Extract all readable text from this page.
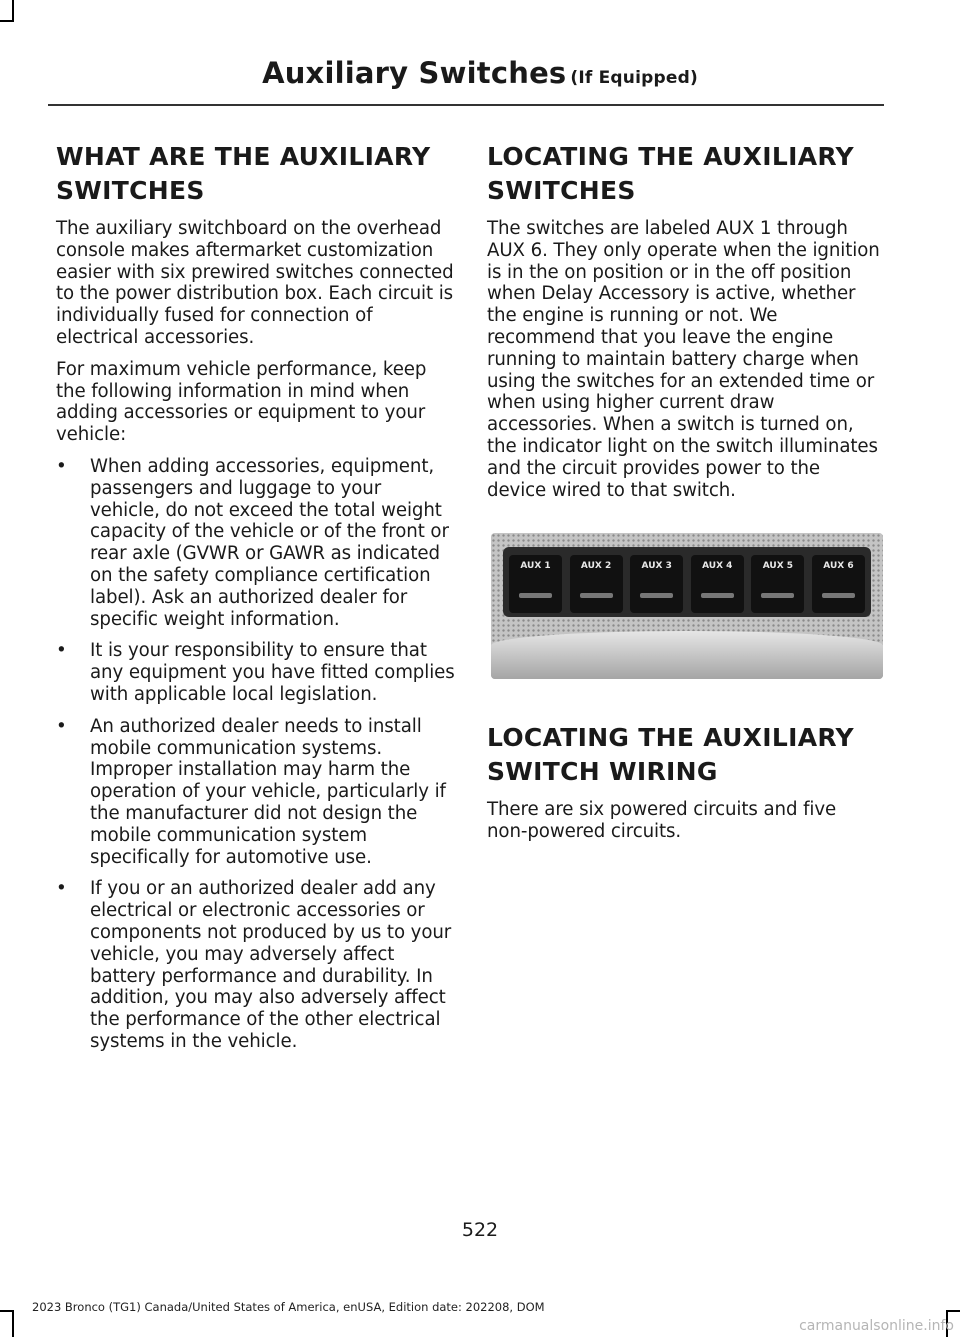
Auxiliary Switches (If Equipped)
WHAT ARE THE AUXILIARY
SWITCHES

The auxiliary switchboard on the overhead console makes aftermarket customization easier with six prewired switches connected to the power distribution box. Each circuit is individually fused for connection of electrical accessories.

For maximum vehicle performance, keep the following information in mind when adding accessories or equipment to your vehicle:

• When adding accessories, equipment, passengers and luggage to your vehicle, do not exceed the total weight capacity of the vehicle or of the front or rear axle (GVWR or GAWR as indicated on the safety compliance certification label). Ask an authorized dealer for specific weight information.
• It is your responsibility to ensure that any equipment you have fitted complies with applicable local legislation.
• An authorized dealer needs to install mobile communication systems. Improper installation may harm the operation of your vehicle, particularly if the manufacturer did not design the mobile communication system specifically for automotive use.
• If you or an authorized dealer add any electrical or electronic accessories or components not produced by us to your vehicle, you may adversely affect battery performance and durability. In addition, you may also adversely affect the performance of the other electrical systems in the vehicle.
LOCATING THE AUXILIARY
SWITCHES

The switches are labeled AUX 1 through AUX 6. They only operate when the ignition is in the on position or in the off position when Delay Accessory is active, whether the engine is running or not. We recommend that you leave the engine running to maintain battery charge when using the switches for an extended time or when using higher current draw accessories. When a switch is turned on, the indicator light on the switch illuminates and the circuit provides power to the device wired to that switch.

AUX 1	AUX 2	AUX 3	AUX 4	AUX 5	AUX 6
LOCATING THE AUXILIARY
SWITCH WIRING

There are six powered circuits and five non-powered circuits.

522
2023 Bronco (TG1) Canada/United States of America, enUSA, Edition date: 202208, DOM
carmanualsonline.info
